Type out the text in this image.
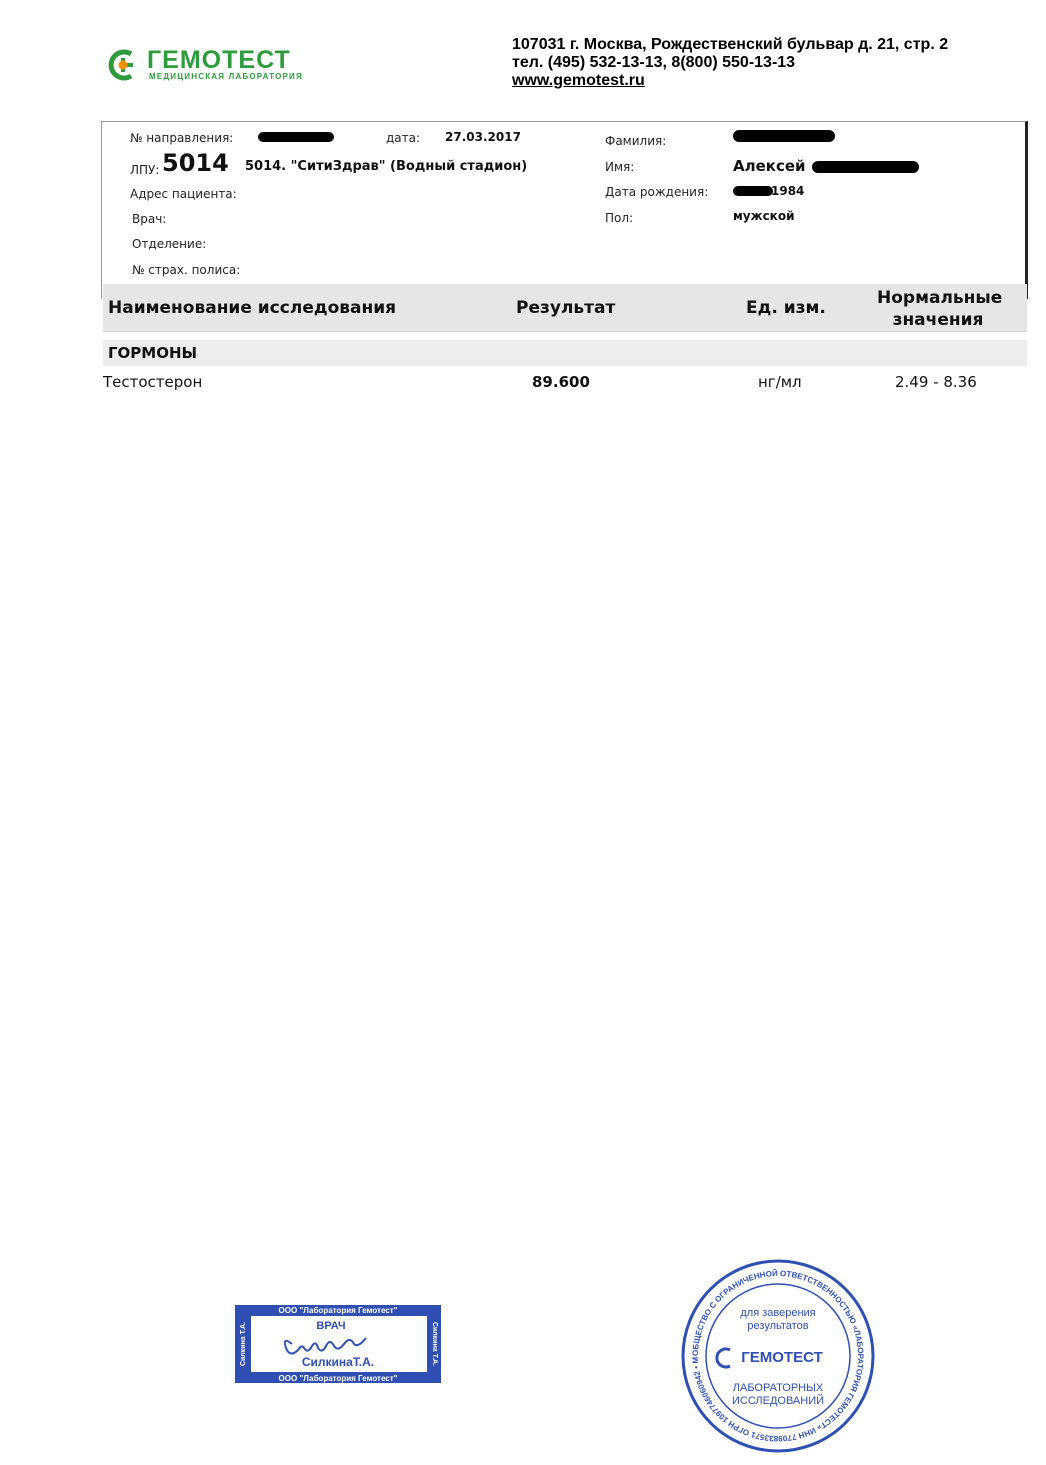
ГЕМОТЕСТ
МЕДИЦИНСКАЯ ЛАБОРАТОРИЯ
107031 г. Москва, Рождественский бульвар д. 21, стр. 2
тел. (495) 532-13-13, 8(800) 550-13-13
www.gemotest.ru
№ направления:	дата: 27.03.2017
ЛПУ: 5014 5014. "СитиЗдрав" (Водный стадион)
Адрес пациента:
Врач:
Отделение:
№ страх. полиса:
Фамилия:
Имя:	Алексей
Дата рождения:	1984
Пол:	мужской
Наименование исследования	Результат	Ед. изм.	Нормальные
значения
ГОРМОНЫ
Тестостерон	89.600	нг/мл	2.49 - 8.36
ООО "Лаборатория Гемотест"
ООО "Лаборатория Гемотест"
Силкина Т.А.	Силкина Т.А.
ВРАЧ
СилкинаТ.А.
ОБЩЕСТВО С ОГРАНИЧЕННОЙ ОТВЕТСТВЕННОСТЬЮ «ЛАБОРАТОРИЯ ГЕМОТЕСТ» ИНН 7709833571 ОГРН 1097746060942 • М
для заверения
результатов
ГЕМОТЕСТ
ЛАБОРАТОРНЫХ
ИССЛЕДОВАНИЙ
